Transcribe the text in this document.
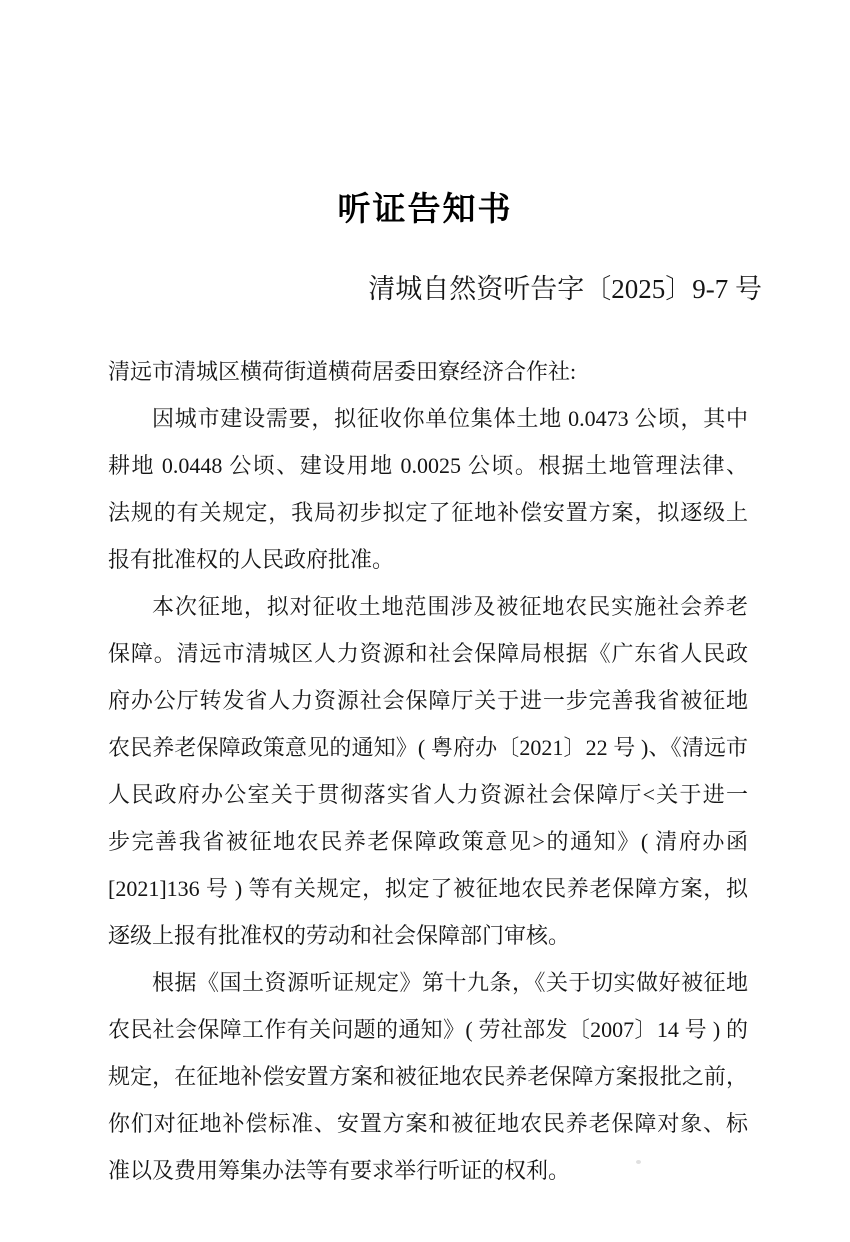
听证告知书
清城自然资听告字〔2025〕9-7 号
清远市清城区横荷街道横荷居委田寮经济合作社:
因城市建设需要，拟征收你单位集体土地 0.0473 公顷，其中
耕地 0.0448 公顷、建设用地 0.0025 公顷。根据土地管理法律、
法规的有关规定，我局初步拟定了征地补偿安置方案，拟逐级上
报有批准权的人民政府批准。
本次征地，拟对征收土地范围涉及被征地农民实施社会养老
保障。清远市清城区人力资源和社会保障局根据《广东省人民政
府办公厅转发省人力资源社会保障厅关于进一步完善我省被征地
农民养老保障政策意见的通知》( 粤府办〔2021〕22 号 )、《清远市
人民政府办公室关于贯彻落实省人力资源社会保障厅<关于进一
步完善我省被征地农民养老保障政策意见>的通知》( 清府办函
[2021]136 号 ) 等有关规定，拟定了被征地农民养老保障方案，拟
逐级上报有批准权的劳动和社会保障部门审核。
根据《国土资源听证规定》第十九条，《关于切实做好被征地
农民社会保障工作有关问题的通知》( 劳社部发〔2007〕14 号 ) 的
规定，在征地补偿安置方案和被征地农民养老保障方案报批之前，
你们对征地补偿标准、安置方案和被征地农民养老保障对象、标
准以及费用筹集办法等有要求举行听证的权利。
